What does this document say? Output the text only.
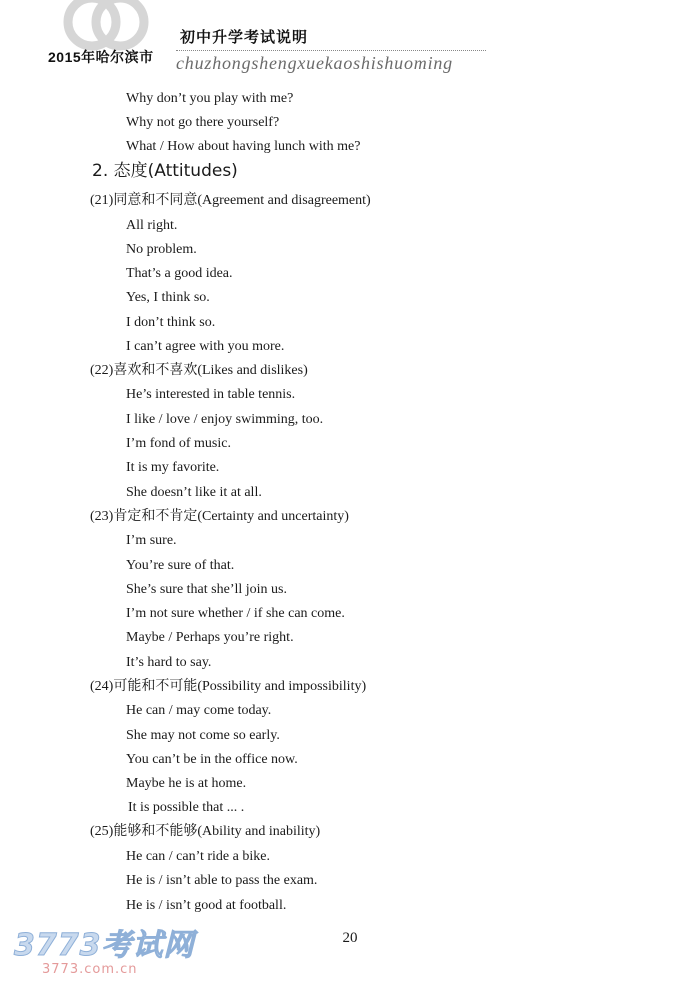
2015年哈尔滨市
初中升学考试说明
chuzhongshengxuekaoshishuoming
Why don’t you play with me?
Why not go there yourself?
What / How about having lunch with me?
2. 态度(Attitudes)
(21)同意和不同意(Agreement and disagreement)
All right.
No problem.
That’s a good idea.
Yes, I think so.
I don’t think so.
I can’t agree with you more.
(22)喜欢和不喜欢(Likes and dislikes)
He’s interested in table tennis.
I like / love / enjoy swimming, too.
I’m fond of music.
It is my favorite.
She doesn’t like it at all.
(23)肯定和不肯定(Certainty and uncertainty)
I’m sure.
You’re sure of that.
She’s sure that she’ll join us.
I’m not sure whether / if she can come.
Maybe / Perhaps you’re right.
It’s hard to say.
(24)可能和不可能(Possibility and impossibility)
He can / may come today.
She may not come so early.
You can’t be in the office now.
Maybe he is at home.
It is possible that ... .
(25)能够和不能够(Ability and inability)
He can / can’t ride a bike.
He is / isn’t able to pass the exam.
He is / isn’t good at football.
20
3773考试网
3773.com.cn
